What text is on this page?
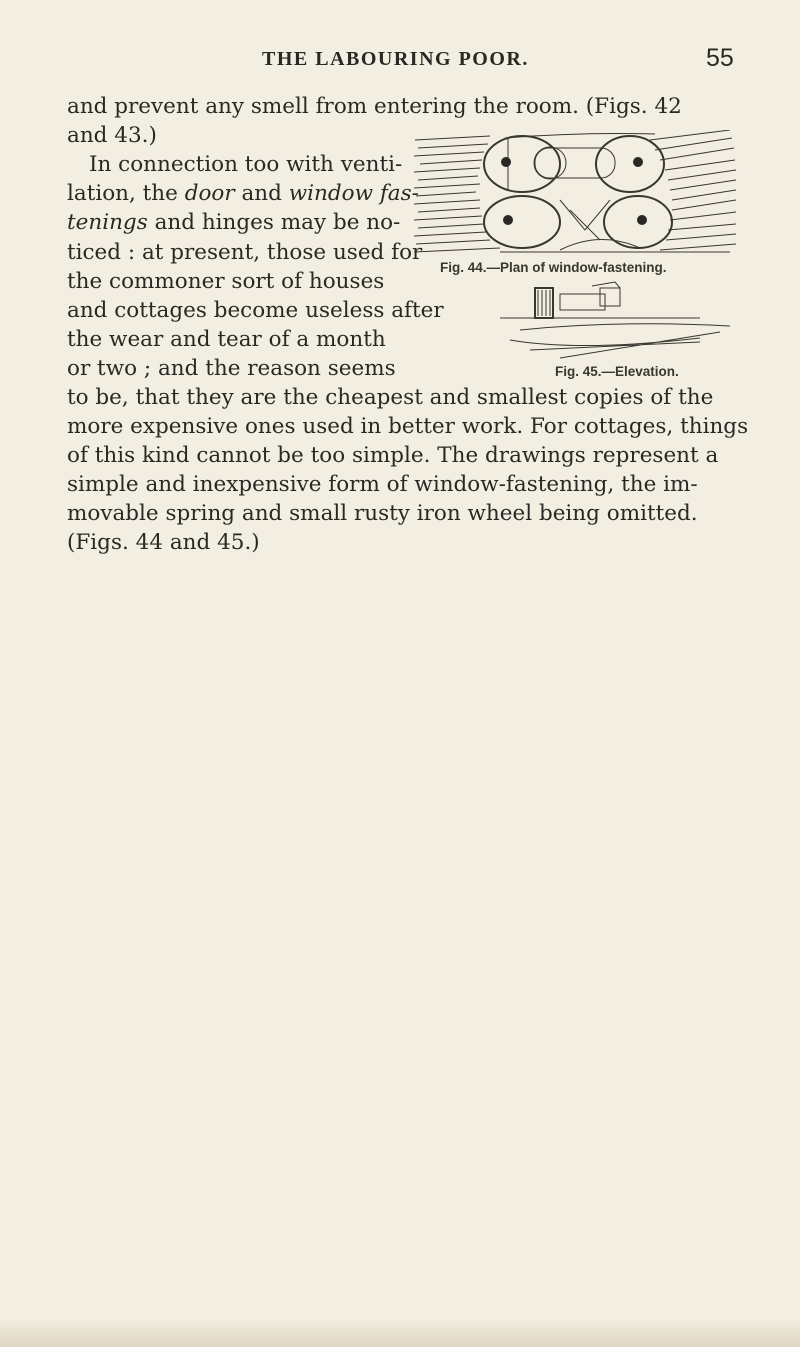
THE LABOURING POOR.	55
and prevent any smell from entering the room. (Figs. 42
and 43.)
In connection too with venti-
lation, the door and window fas-
tenings and hinges may be no-
ticed : at present, those used for
the commoner sort of houses
and cottages become useless after
the wear and tear of a month
or two ; and the reason seems
to be, that they are the cheapest and smallest copies of the
more expensive ones used in better work. For cottages, things
of this kind cannot be too simple. The drawings represent a
simple and inexpensive form of window-fastening, the im-
movable spring and small rusty iron wheel being omitted.
(Figs. 44 and 45.)
Fig. 44.—Plan of window-fastening.
Fig. 45.—Elevation.
